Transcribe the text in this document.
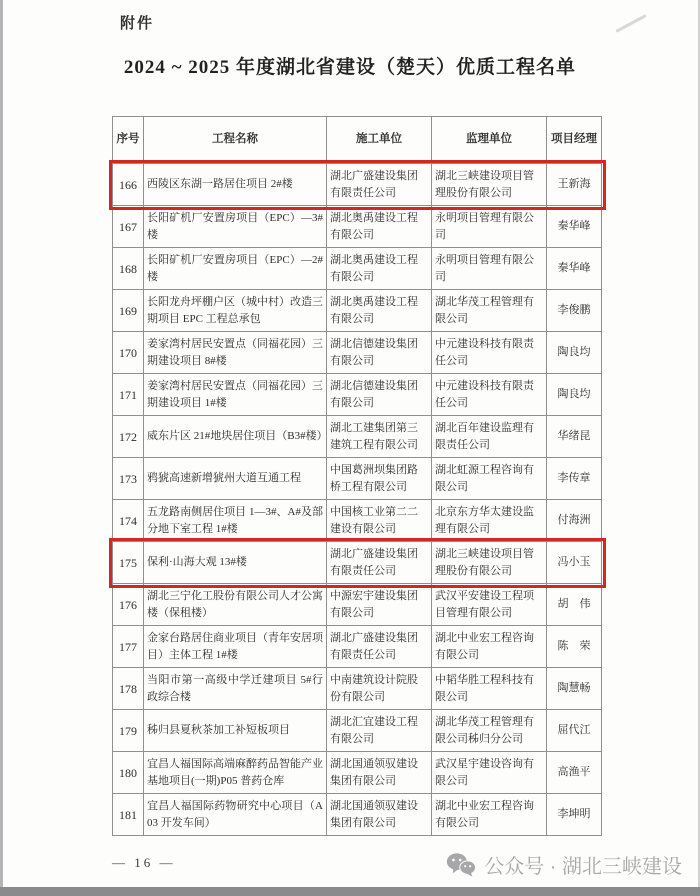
附件
2024 ~ 2025 年度湖北省建设（楚天）优质工程名单
序号	工程名称	施工单位	监理单位	项目经理
166	西陵区东湖一路居住项目 2#楼	湖北广盛建设集团有限责任公司	湖北三峡建设项目管理股份有限公司	王新海
167	长阳矿机厂安置房项目（EPC）—3#楼	湖北奥禹建设工程有限公司	永明项目管理有限公司	秦华峰
168	长阳矿机厂安置房项目（EPC）—2#楼	湖北奥禹建设工程有限公司	永明项目管理有限公司	秦华峰
169	长阳龙舟坪棚户区（城中村）改造三期项目 EPC 工程总承包	湖北奥禹建设工程有限公司	湖北华茂工程管理有限公司	李俊鹏
170	姜家湾村居民安置点（同福花园）三期建设项目 8#楼	湖北信德建设集团有限公司	中元建设科技有限责任公司	陶良均
171	姜家湾村居民安置点（同福花园）三期建设项目 1#楼	湖北信德建设集团有限公司	中元建设科技有限责任公司	陶良均
172	威东片区 21#地块居住项目（B3#楼）	湖北工建集团第三建筑工程有限公司	湖北百年建设监理有限责任公司	华绪昆
173	鸦猇高速新增猇州大道互通工程	中国葛洲坝集团路桥工程有限公司	湖北虹源工程咨询有限公司	李传章
174	五龙路南侧居住项目 1—3#、A#及部分地下室工程 1#楼	中国核工业第二二建设有限公司	北京东方华太建设监理有限公司	付海洲
175	保利·山海大观 13#楼	湖北广盛建设集团有限责任公司	湖北三峡建设项目管理股份有限公司	冯小玉
176	湖北三宁化工股份有限公司人才公寓楼（保租楼）	中源宏宇建设集团有限公司	武汉平安建设工程项目管理有限公司	胡　伟
177	金家台路居住商业项目（青年安居项目）主体工程 1#楼	湖北广盛建设集团有限责任公司	湖北中业宏工程咨询有限公司	陈　荣
178	当阳市第一高级中学迁建项目 5#行政综合楼	中南建筑设计院股份有限公司	中韬华胜工程科技有限公司	陶慧畅
179	秭归县夏秋茶加工补短板项目	湖北汇宜建设工程有限公司	湖北华茂工程管理有限公司秭归分公司	屈代江
180	宜昌人福国际高端麻醉药品智能产业基地项目(一期)P05 普药仓库	湖北国通领驭建设集团有限公司	武汉星宇建设咨询有限公司	高渔平
181	宜昌人福国际药物研究中心项目（A03 开发车间）	湖北国通领驭建设集团有限公司	湖北中业宏工程咨询有限公司	李坤明
— 16 —	公众号 · 湖北三峡建设
